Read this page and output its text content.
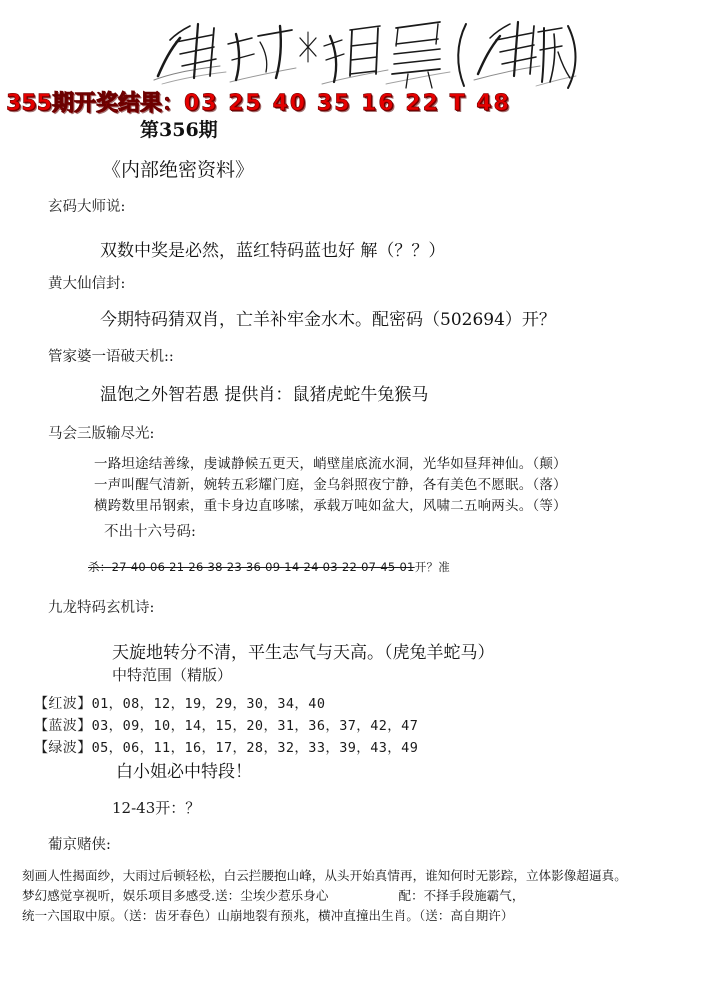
355期开奖结果：03 25 40 35 16 22 T 48
第356期
《内部绝密资料》
玄码大师说:
双数中奖是必然，蓝红特码蓝也好 解（？？）
黄大仙信封:
今期特码猜双肖，亡羊补牢金水木。配密码（502694）开？
管家婆一语破天机::
温饱之外智若愚 提供肖：鼠猪虎蛇牛兔猴马
马会三版输尽光:
一路坦途结善缘，虔诚静候五更天，峭壁崖底流水洞，光华如昼拜神仙。（颠）
一声叫醒气清新，婉转五彩耀门庭，金乌斜照夜宁静，各有美色不愿眠。（落）
横跨数里吊钢索，重卡身边直哆嗦，承载万吨如盆大，风啸二五响两头。（等）
不出十六号码:
杀：27 40 06 21 26 38 23 36 09 14 24 03 22 07 45 01开？准
九龙特码玄机诗:
天旋地转分不清，平生志气与天高。（虎兔羊蛇马）
中特范围（精版）
【红波】01，08，12，19，29，30，34，40
【蓝波】03，09，10，14，15，20，31，36，37，42，47
【绿波】05，06，11，16，17，28，32，33，39，43，49
白小姐必中特段！
12-43开：？
葡京赌侠:
刻画人性揭面纱，大雨过后顿轻松，白云拦腰抱山峰，从头开始真情再，谁知何时无影踪，立体影像超逼真。
梦幻感觉享视听，娱乐项目多感受.送：尘埃少惹乐身心	配：不择手段施霸气，
统一六国取中原。（送：齿牙春色）山崩地裂有预兆，横冲直撞出生肖。（送：高自期许）
